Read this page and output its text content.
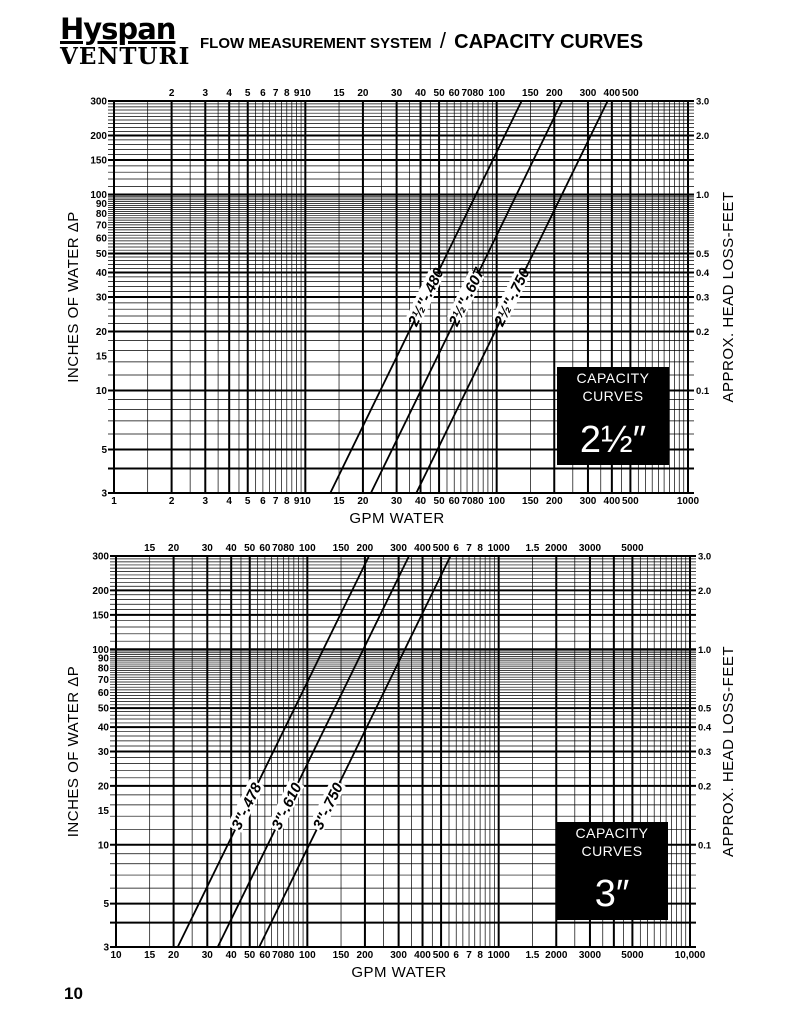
Hyspan
VENTURI FLOW MEASUREMENT SYSTEM / CAPACITY CURVES
2½″-.480
2½″-.607 2½″-.750
3
5
10
15
20
30
40
50
60
70
80
90
100
150
200
300
0.1
0.2
0.3
0.4
0.5
1.0
2.0
3.0
2	3 4 5 6 7 8 9 10 15 20 30 40 50 60 70 80 100 150 200 300 400 500
1	2	3 4 5 6 7 8 9 10 15 20 30 40 50 60 70 80 100 150 200 300 400 500	1000
GPM WATER
INCHES OF WATER ΔP	APPROX. HEAD LOSS-FEET
CAPACITY
CURVES
2½″
3″-.478 3″-.610 3″-.750
3
5
10
15
20
30
40
50
60
70
80
90
100
150
200
300
0.1
0.2
0.3
0.4
0.5
1.0
2.0
3.0
15 20 30 40 50 60 70 80 100 150 200 300 400 500 6 7 8 1000 1.5 2000 3000 5000
10 15 20 30 40 50 60 70 80 100 150 200 300 400 500 6 7 8 1000 1.5 2000 3000 5000	10,000
GPM WATER
INCHES OF WATER ΔP	APPROX. HEAD LOSS-FEET
CAPACITY
CURVES
3″
10
